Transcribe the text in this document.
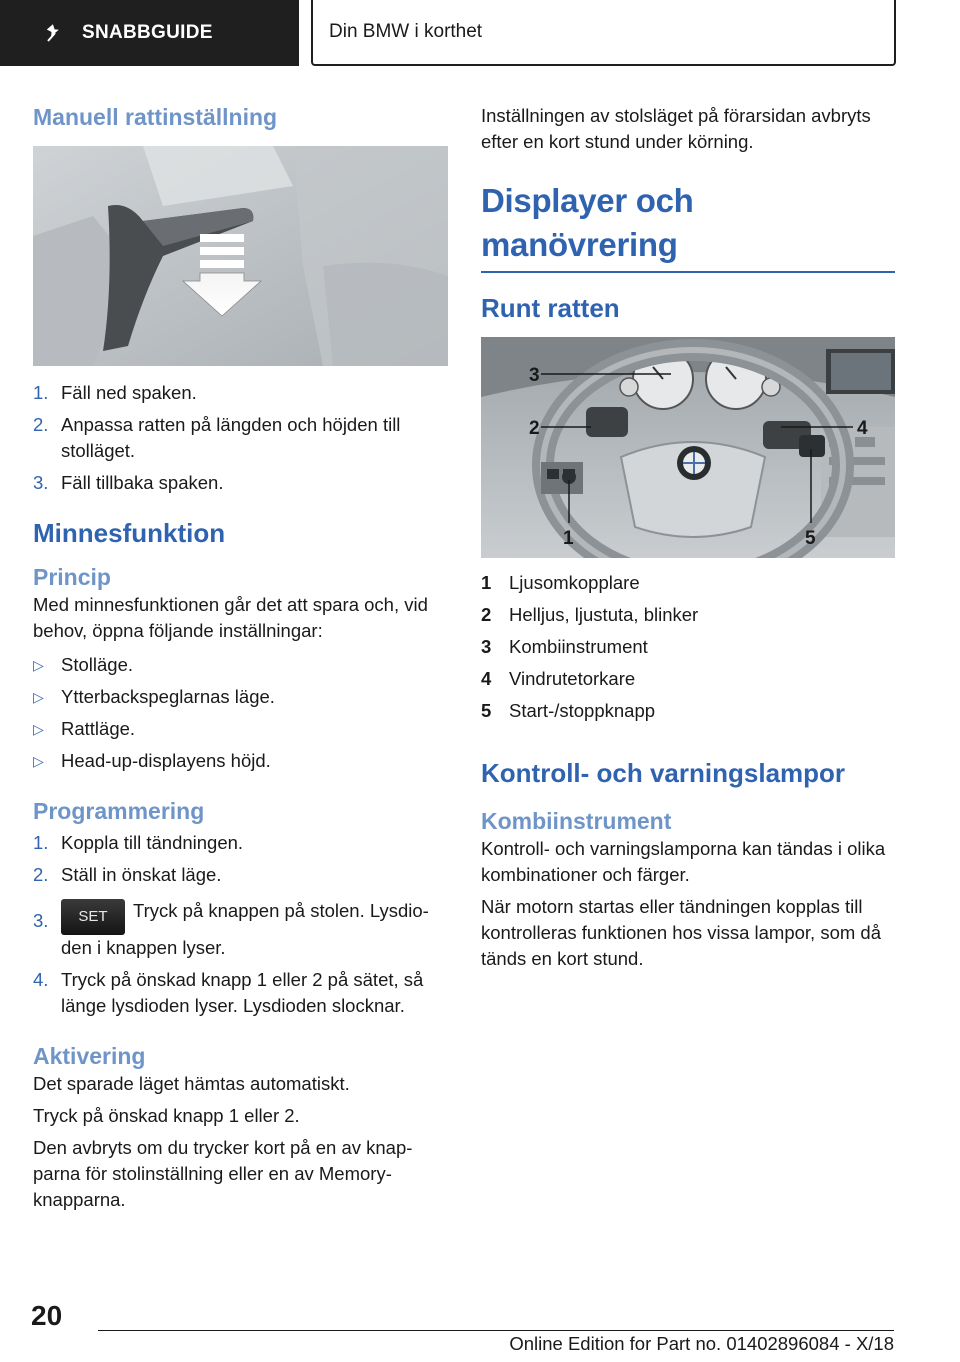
SNABBGUIDE	Din BMW i korthet
Manuell rattinställning
1. Fäll ned spaken.
2. Anpassa ratten på längden och höjden till stolläget.
3. Fäll tillbaka spaken.
Minnesfunktion
Princip

Med minnesfunktionen går det att spara och, vid behov, öppna följande inställningar:

▷ Stolläge.
▷ Ytterbackspeglarnas läge.
▷ Rattläge.
▷ Head-up-displayens höjd.
Programmering
1. Koppla till tändningen.
2. Ställ in önskat läge.
3.	SET Tryck på knappen på stolen. Lysdio-den i knappen lyser.
4. Tryck på önskad knapp 1 eller 2 på sätet, så länge lysdioden lyser. Lysdioden slocknar.
Aktivering

Det sparade läget hämtas automatiskt.

Tryck på önskad knapp 1 eller 2.

Den avbryts om du trycker kort på en av knap-parna för stolinställning eller en av Memory-knapparna.

Inställningen av stolsläget på förarsidan avbryts efter en kort stund under körning.

Displayer och manövrering
Runt ratten
3
2	4
1	5
1 Ljusomkopplare
2 Helljus, ljustuta, blinker
3 Kombiinstrument
4 Vindrutetorkare
5 Start-/stoppknapp
Kontroll- och varningslampor
Kombiinstrument

Kontroll- och varningslamporna kan tändas i olika kombinationer och färger.

När motorn startas eller tändningen kopplas till kontrolleras funktionen hos vissa lampor, som då tänds en kort stund.

20
Online Edition for Part no. 01402896084 - X/18
